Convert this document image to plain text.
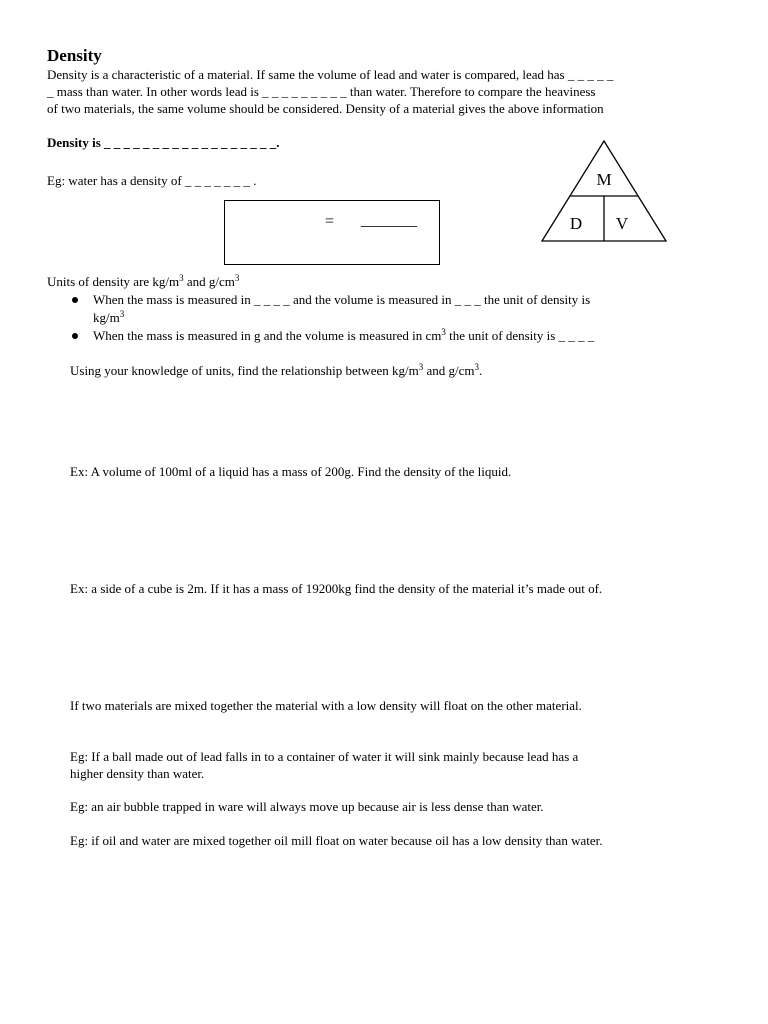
Density
Density is a characteristic of a material. If same the volume of lead and water is compared, lead has _ _ _ _ _
_ mass than water. In other words lead is _ _ _ _ _ _ _ _ _ than water. Therefore to compare the heaviness
of two materials, the same volume should be considered. Density of a material gives the above information
Density is _ _ _ _ _ _ _ _ _ _ _ _ _ _ _ _ _ _.
Eg: water has a density of _ _ _ _ _ _ _ .
= _______
M
D V
Units of density are $kg/m^3$ and $g/cm^3$
When the mass is measured in _ _ _ _ and the volume is measured in _ _ _ the unit of density is
$kg/m^3$
When the mass is measured in g and the volume is measured in $cm^3$ the unit of density is _ _ _ _
Using your knowledge of units, find the relationship between $kg/m^3$ and $g/cm^3$.
Ex: A volume of 100ml of a liquid has a mass of 200g. Find the density of the liquid.
Ex: a side of a cube is 2m. If it has a mass of 19200kg find the density of the material it’s made out of.
If two materials are mixed together the material with a low density will float on the other material.
Eg: If a ball made out of lead falls in to a container of water it will sink mainly because lead has a
higher density than water.
Eg: an air bubble trapped in ware will always move up because air is less dense than water.
Eg: if oil and water are mixed together oil mill float on water because oil has a low density than water.
